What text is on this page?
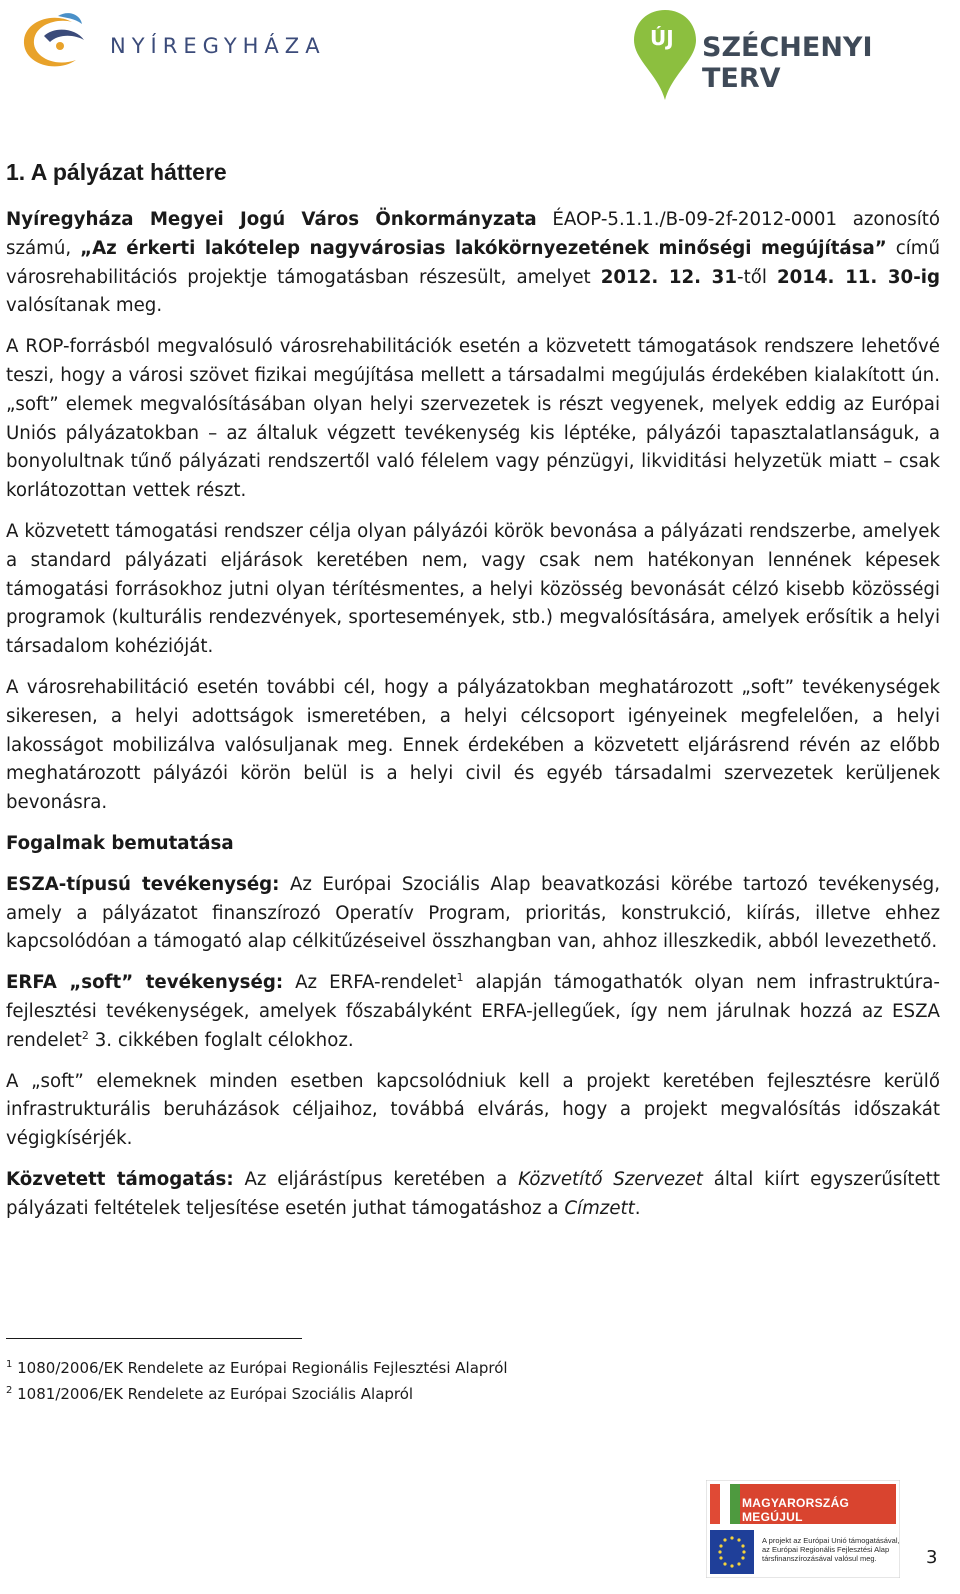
NYÍREGYHÁZA	ÚJ SZÉCHENYI TERV
1. A pályázat háttere

Nyíregyháza Megyei Jogú Város Önkormányzata ÉAOP-5.1.1./B-09-2f-2012-0001 azonosító számú, „Az érkerti lakótelep nagyvárosias lakókörnyezetének minőségi megújítása” című városrehabilitációs projektje támogatásban részesült, amelyet 2012. 12. 31-től 2014. 11. 30-ig valósítanak meg.

A ROP-forrásból megvalósuló városrehabilitációk esetén a közvetett támogatások rendszere lehetővé teszi, hogy a városi szövet fizikai megújítása mellett a társadalmi megújulás érdekében kialakított ún. „soft” elemek megvalósításában olyan helyi szervezetek is részt vegyenek, melyek eddig az Európai Uniós pályázatokban – az általuk végzett tevékenység kis léptéke, pályázói tapasztalatlanságuk, a bonyolultnak tűnő pályázati rendszertől való félelem vagy pénzügyi, likviditási helyzetük miatt – csak korlátozottan vettek részt.

A közvetett támogatási rendszer célja olyan pályázói körök bevonása a pályázati rendszerbe, amelyek a standard pályázati eljárások keretében nem, vagy csak nem hatékonyan lennének képesek támogatási forrásokhoz jutni olyan térítésmentes, a helyi közösség bevonását célzó kisebb közösségi programok (kulturális rendezvények, sportesemények, stb.) megvalósítására, amelyek erősítik a helyi társadalom kohézióját.

A városrehabilitáció esetén további cél, hogy a pályázatokban meghatározott „soft” tevékenységek sikeresen, a helyi adottságok ismeretében, a helyi célcsoport igényeinek megfelelően, a helyi lakosságot mobilizálva valósuljanak meg. Ennek érdekében a közvetett eljárásrend révén az előbb meghatározott pályázói körön belül is a helyi civil és egyéb társadalmi szervezetek kerüljenek bevonásra.

Fogalmak bemutatása

ESZA-típusú tevékenység: Az Európai Szociális Alap beavatkozási körébe tartozó tevékenység, amely a pályázatot finanszírozó Operatív Program, prioritás, konstrukció, kiírás, illetve ehhez kapcsolódóan a támogató alap célkitűzéseivel összhangban van, ahhoz illeszkedik, abból levezethető.

ERFA „soft” tevékenység: Az ERFA-rendelet$^1$ alapján támogathatók olyan nem infrastruktúra-fejlesztési tevékenységek, amelyek főszabályként ERFA-jellegűek, így nem járulnak hozzá az ESZA rendelet$^2$ 3. cikkében foglalt célokhoz.

A „soft” elemeknek minden esetben kapcsolódniuk kell a projekt keretében fejlesztésre kerülő infrastrukturális beruházások céljaihoz, továbbá elvárás, hogy a projekt megvalósítás időszakát végigkísérjék.

Közvetett támogatás: Az eljárástípus keretében a Közvetítő Szervezet által kiírt egyszerűsített pályázati feltételek teljesítése esetén juthat támogatáshoz a Címzett.

$^1$ 1080/2006/EK Rendelete az Európai Regionális Fejlesztési Alapról
$^2$ 1081/2006/EK Rendelete az Európai Szociális Alapról
MAGYARORSZÁG MEGÚJUL
A projekt az Európai Unió támogatásával, az Európai Regionális Fejlesztési Alap társfinanszírozásával valósul meg.	3
